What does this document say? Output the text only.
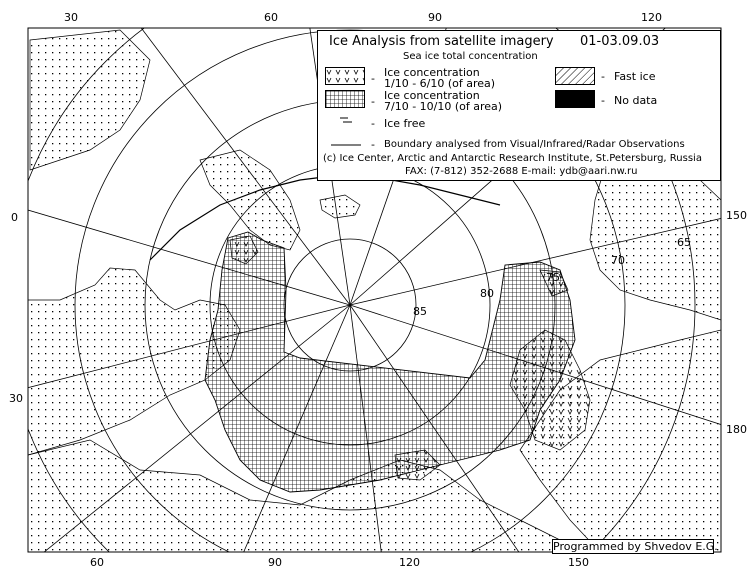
30	60	90	120
60	90	120	150
0
30
150
180
65
70
75
80
85
Ice Analysis from satellite imagery 01-03.09.03
Sea ice total concentration
- Ice concentration
1/10 - 6/10 (of area)
- Ice concentration
7/10 - 10/10 (of area)
- Fast ice
- No data
- Ice free
- Boundary analysed from Visual/Infrared/Radar Observations
(c) Ice Center, Arctic and Antarctic Research Institute, St.Petersburg, Russia
FAX: (7-812) 352-2688 E-mail: ydb@aari.nw.ru
Programmed by Shvedov E.G.
